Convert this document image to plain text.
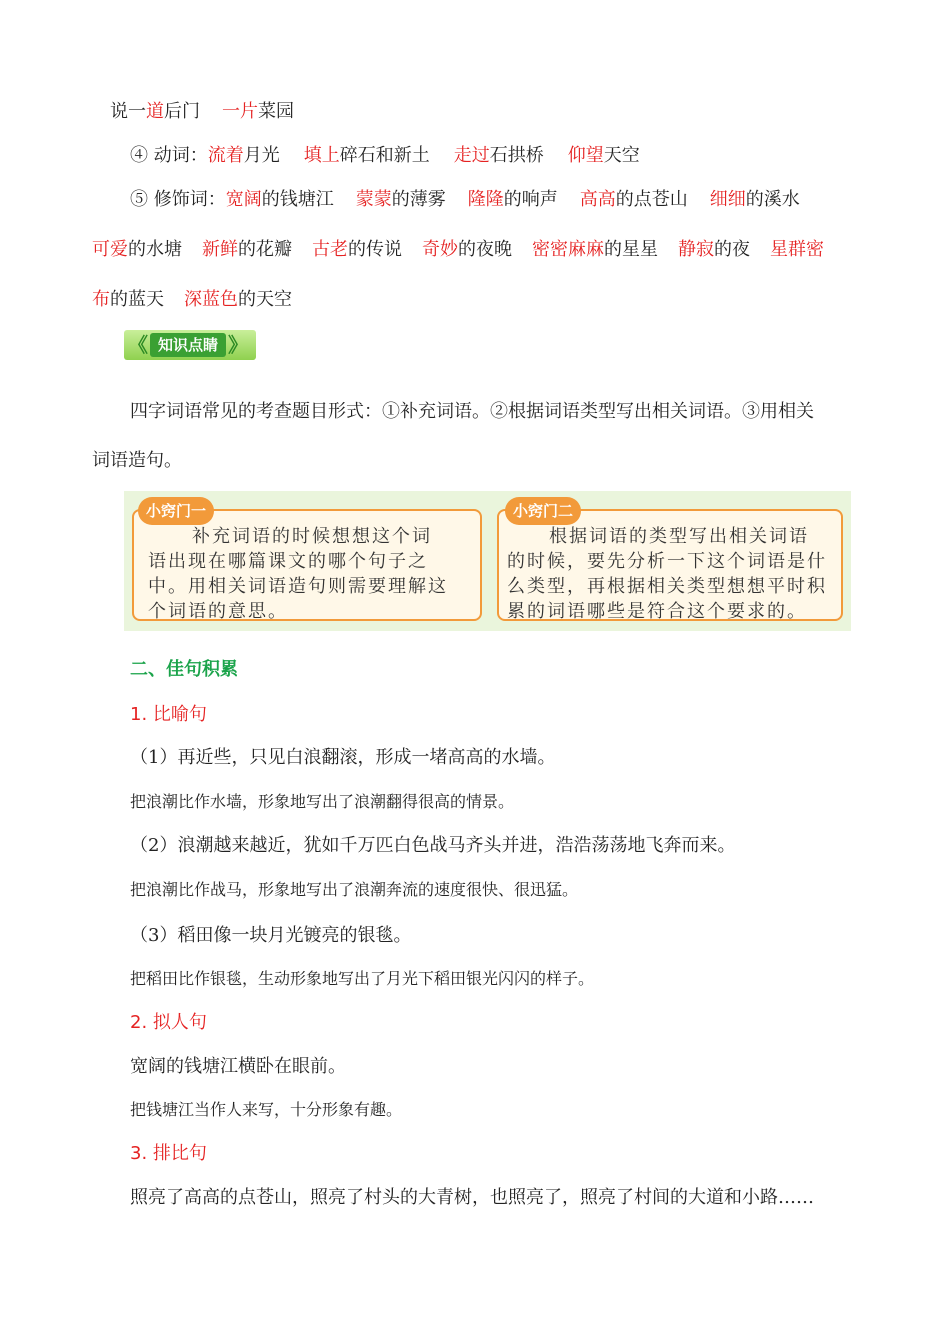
说一道后门 一片菜园
④ 动词：流着月光 填上碎石和新土 走过石拱桥 仰望天空
⑤ 修饰词：宽阔的钱塘江 蒙蒙的薄雾 隆隆的响声 高高的点苍山 细细的溪水
可爱的水塘 新鲜的花瓣 古老的传说 奇妙的夜晚 密密麻麻的星星 静寂的夜 星群密
布的蓝天 深蓝色的天空
《 知识点睛 》
四字词语常见的考查题目形式：①补充词语。②根据词语类型写出相关词语。③用相关
词语造句。
小窍门一
补充词语的时候想想这个词
语出现在哪篇课文的哪个句子之
中。用相关词语造句则需要理解这
个词语的意思。
小窍门二
根据词语的类型写出相关词语
的时候，要先分析一下这个词语是什
么类型，再根据相关类型想想平时积
累的词语哪些是符合这个要求的。
二、佳句积累
1. 比喻句
（1）再近些，只见白浪翻滚，形成一堵高高的水墙。
把浪潮比作水墙，形象地写出了浪潮翻得很高的情景。
（2）浪潮越来越近，犹如千万匹白色战马齐头并进，浩浩荡荡地飞奔而来。
把浪潮比作战马，形象地写出了浪潮奔流的速度很快、很迅猛。
（3）稻田像一块月光镀亮的银毯。
把稻田比作银毯，生动形象地写出了月光下稻田银光闪闪的样子。
2. 拟人句
宽阔的钱塘江横卧在眼前。
把钱塘江当作人来写，十分形象有趣。
3. 排比句
照亮了高高的点苍山，照亮了村头的大青树，也照亮了，照亮了村间的大道和小路……
